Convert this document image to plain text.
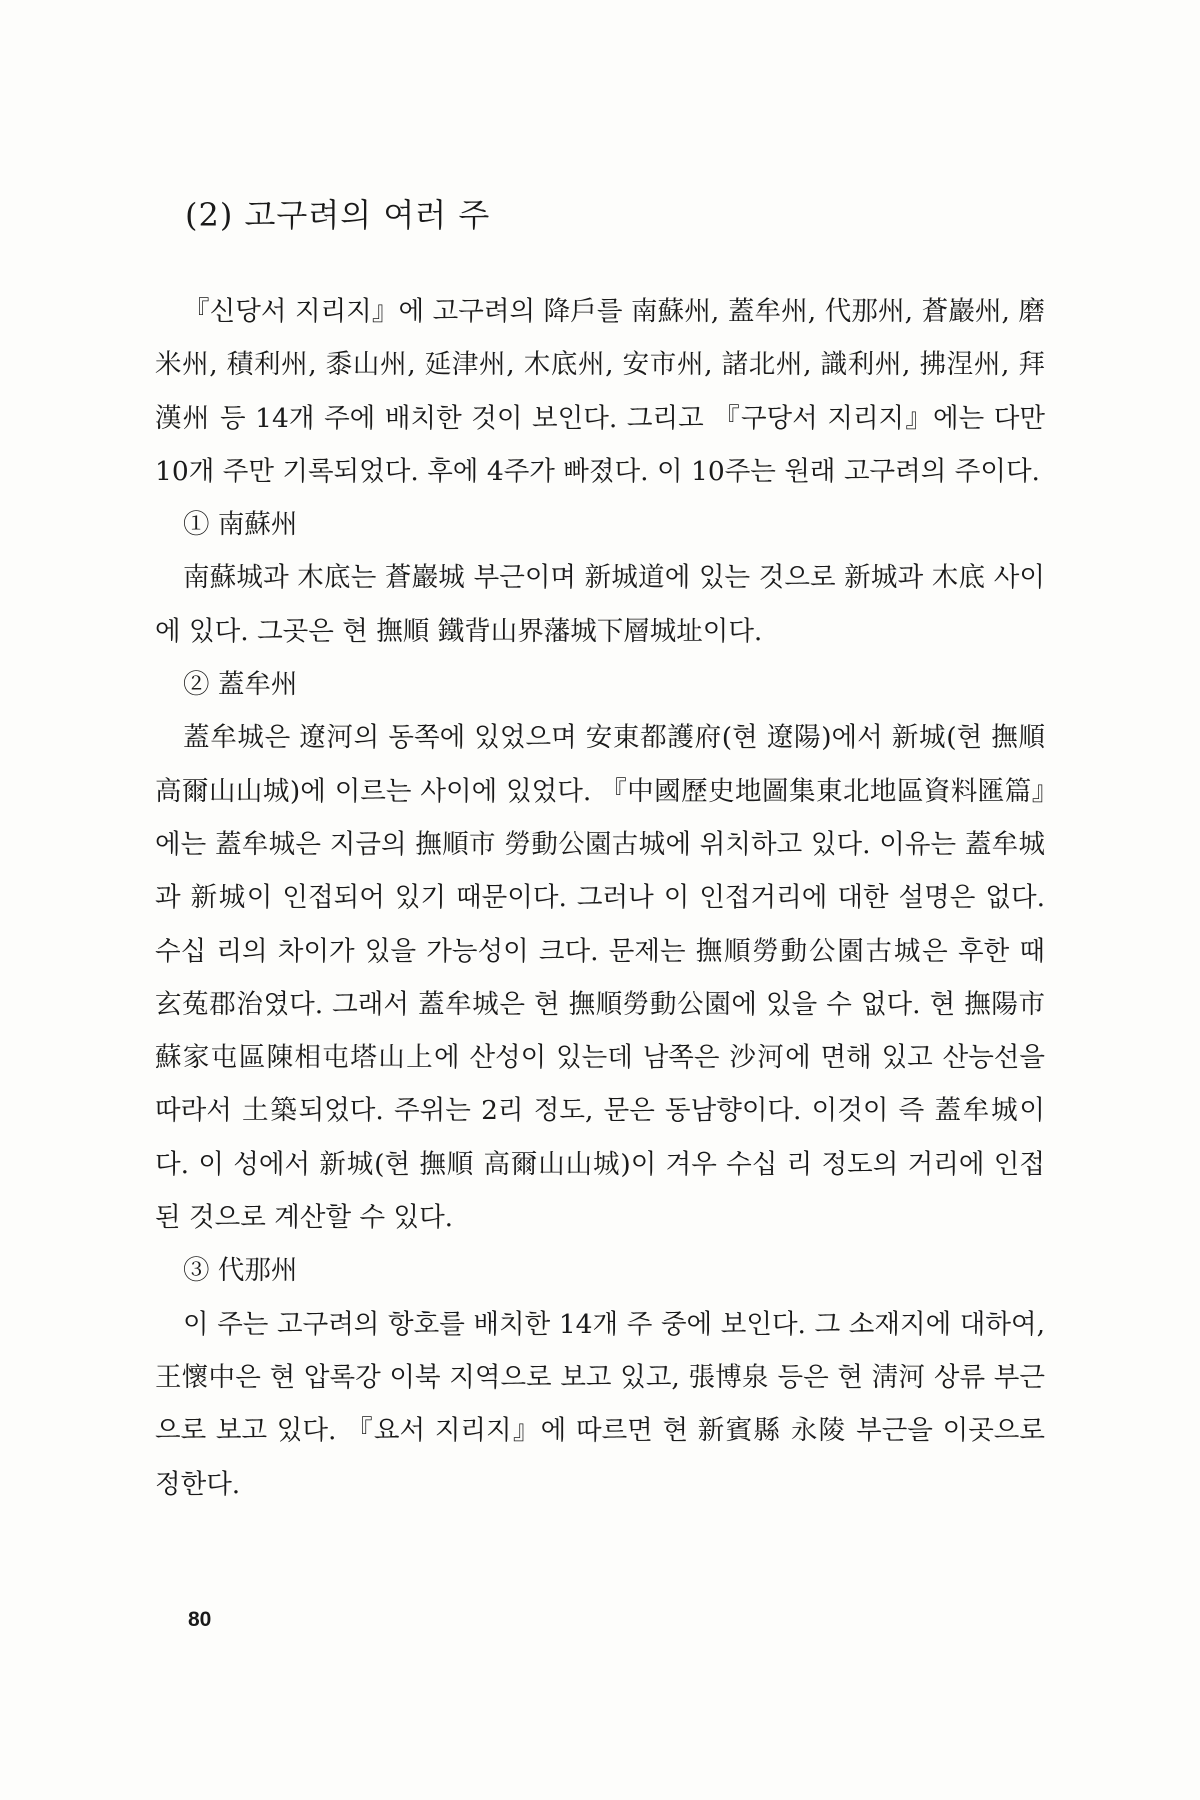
(2) 고구려의 여러 주

『신당서 지리지』에 고구려의 降戶를 南蘇州, 蓋牟州, 代那州, 蒼巖州, 磨米州, 積利州, 黍山州, 延津州, 木底州, 安市州, 諸北州, 識利州, 拂涅州, 拜漢州 등 14개 주에 배치한 것이 보인다. 그리고 『구당서 지리지』에는 다만 10개 주만 기록되었다. 후에 4주가 빠졌다. 이 10주는 원래 고구려의 주이다.

① 南蘇州

南蘇城과 木底는 蒼巖城 부근이며 新城道에 있는 것으로 新城과 木底 사이에 있다. 그곳은 현 撫順 鐵背山界藩城下層城址이다.

② 蓋牟州

蓋牟城은 遼河의 동쪽에 있었으며 安東都護府(현 遼陽)에서 新城(현 撫順 高爾山山城)에 이르는 사이에 있었다. 『中國歷史地圖集東北地區資料匯篇』에는 蓋牟城은 지금의 撫順市 勞動公園古城에 위치하고 있다. 이유는 蓋牟城과 新城이 인접되어 있기 때문이다. 그러나 이 인접거리에 대한 설명은 없다. 수십 리의 차이가 있을 가능성이 크다. 문제는 撫順勞動公園古城은 후한 때 玄菟郡治였다. 그래서 蓋牟城은 현 撫順勞動公園에 있을 수 없다. 현 撫陽市蘇家屯區陳相屯塔山上에 산성이 있는데 남쪽은 沙河에 면해 있고 산능선을 따라서 土築되었다. 주위는 2리 정도, 문은 동남향이다. 이것이 즉 蓋牟城이다. 이 성에서 新城(현 撫順 高爾山山城)이 겨우 수십 리 정도의 거리에 인접된 것으로 계산할 수 있다.

③ 代那州

이 주는 고구려의 항호를 배치한 14개 주 중에 보인다. 그 소재지에 대하여, 王懷中은 현 압록강 이북 지역으로 보고 있고, 張博泉 등은 현 淸河 상류 부근으로 보고 있다. 『요서 지리지』에 따르면 현 新賓縣 永陵 부근을 이곳으로 정한다.

80
